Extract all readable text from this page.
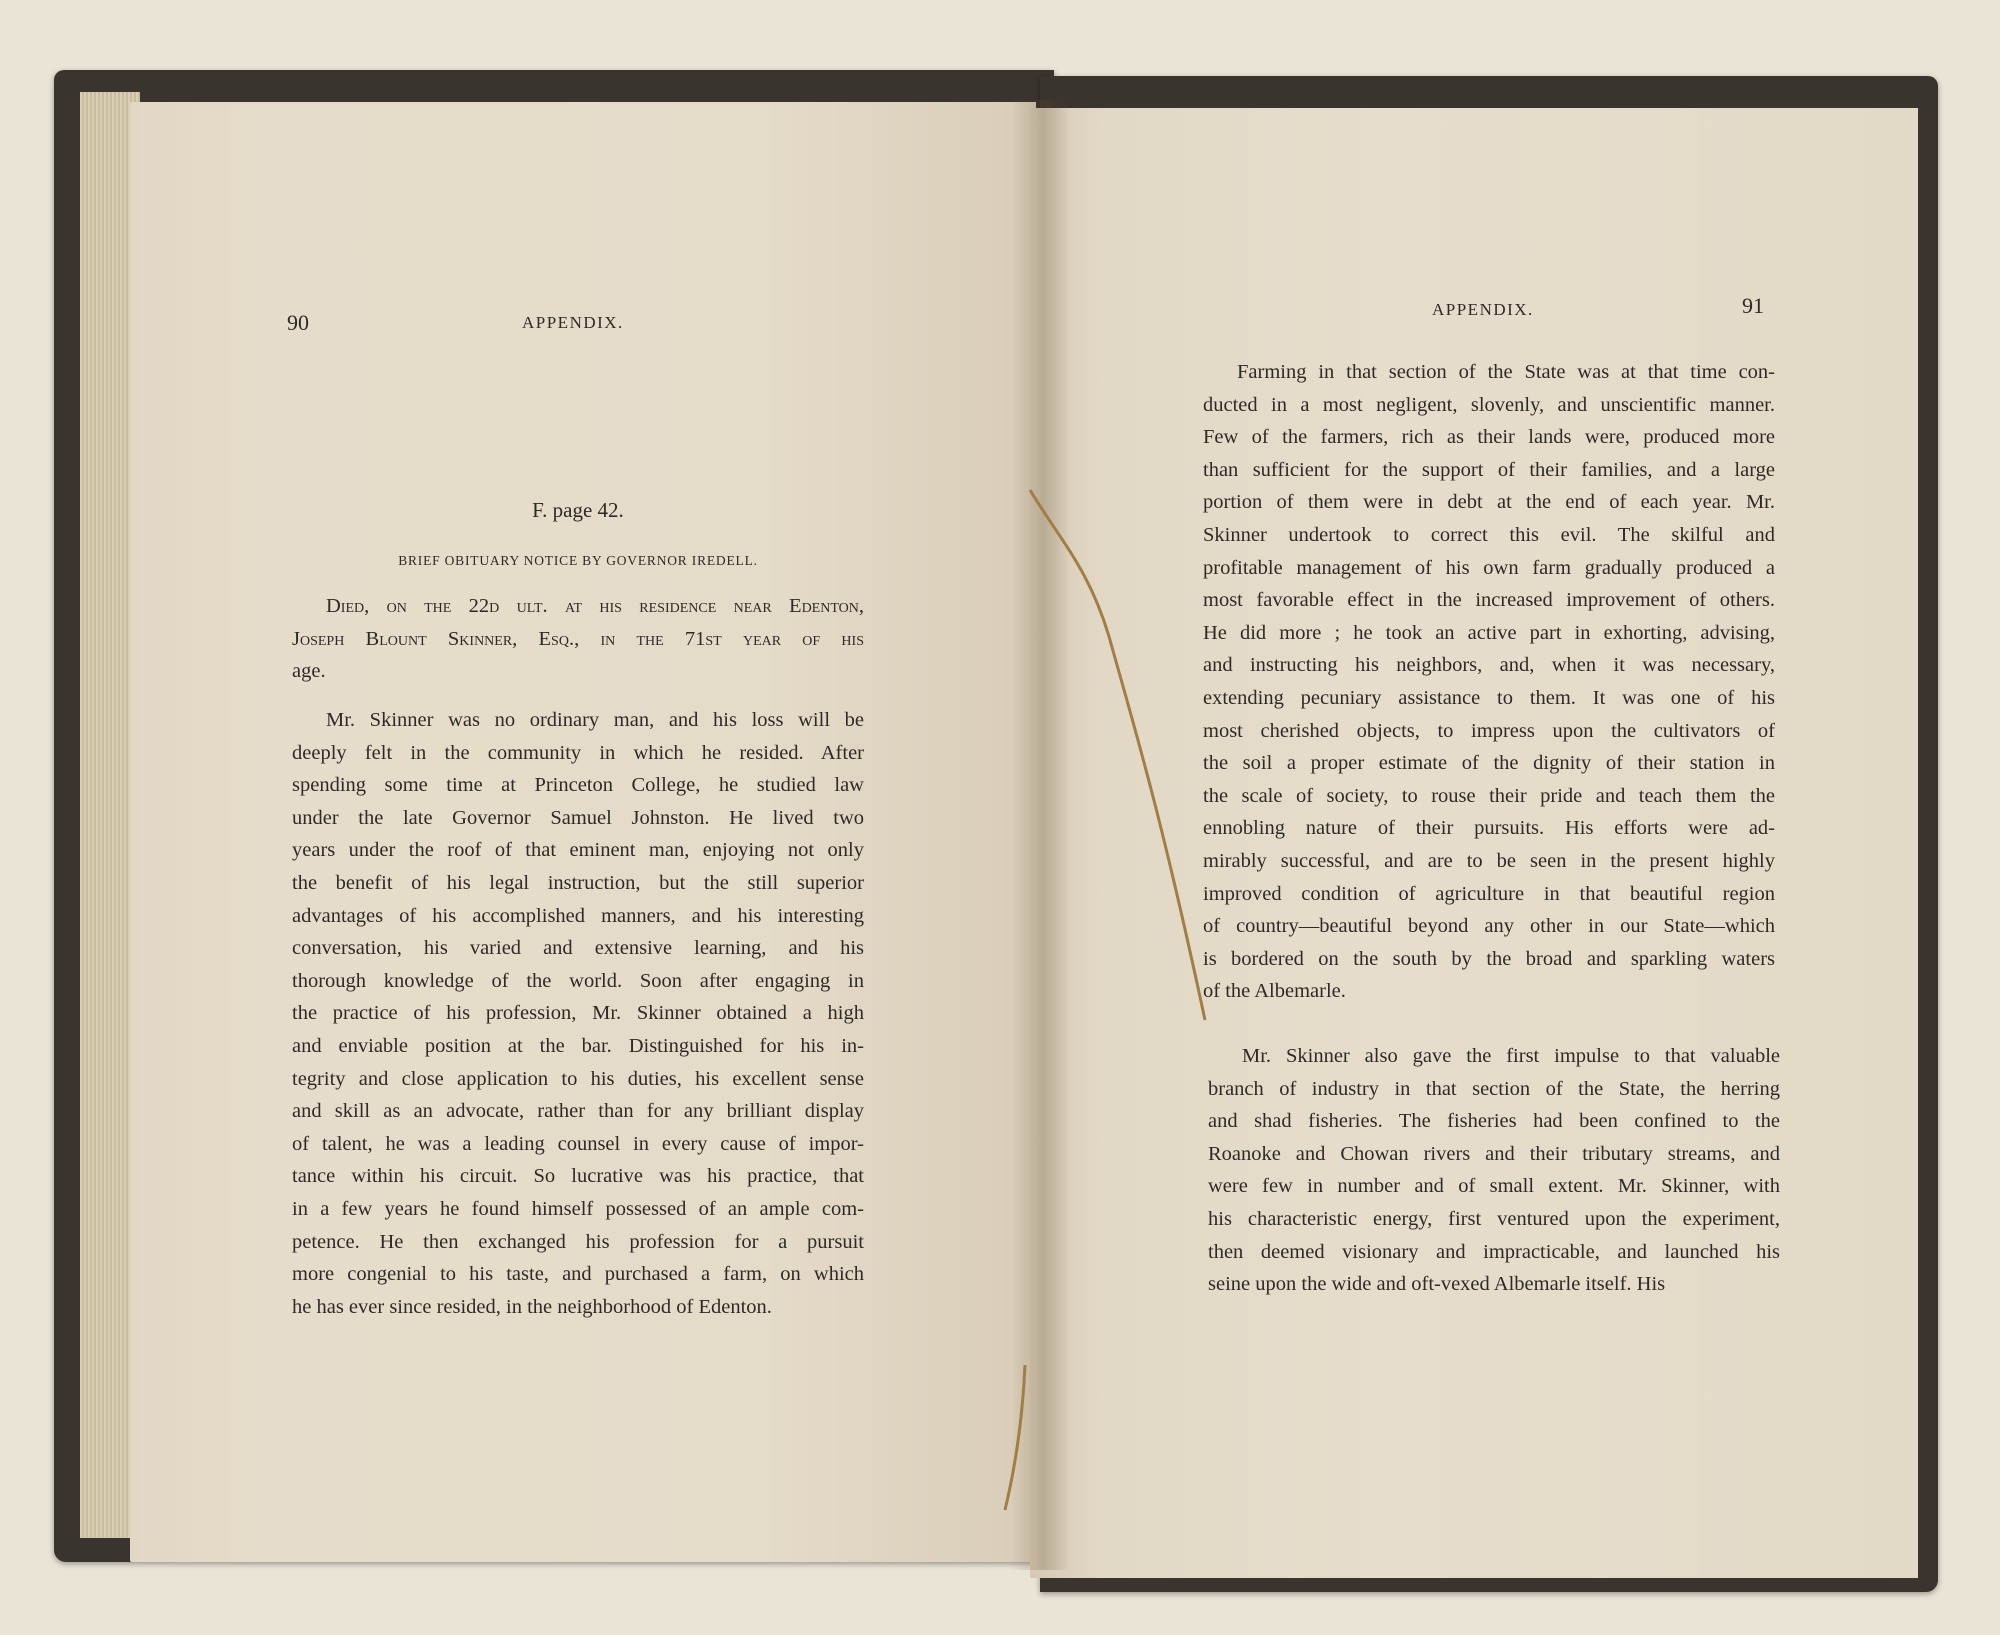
90	APPENDIX.
F. page 42.
BRIEF OBITUARY NOTICE BY GOVERNOR IREDELL.
Died, on the 22d ult. at his residence near Edenton,
Joseph Blount Skinner, Esq., in the 71st year of his
age.
Mr. Skinner was no ordinary man, and his loss will be
deeply felt in the community in which he resided. After
spending some time at Princeton College, he studied law
under the late Governor Samuel Johnston. He lived two
years under the roof of that eminent man, enjoying not only
the benefit of his legal instruction, but the still superior
advantages of his accomplished manners, and his interesting
conversation, his varied and extensive learning, and his
thorough knowledge of the world. Soon after engaging in
the practice of his profession, Mr. Skinner obtained a high
and enviable position at the bar. Distinguished for his in-
tegrity and close application to his duties, his excellent sense
and skill as an advocate, rather than for any brilliant display
of talent, he was a leading counsel in every cause of impor-
tance within his circuit. So lucrative was his practice, that
in a few years he found himself possessed of an ample com-
petence. He then exchanged his profession for a pursuit
more congenial to his taste, and purchased a farm, on which
he has ever since resided, in the neighborhood of Edenton.
APPENDIX.	91
Farming in that section of the State was at that time con-
ducted in a most negligent, slovenly, and unscientific manner.
Few of the farmers, rich as their lands were, produced more
than sufficient for the support of their families, and a large
portion of them were in debt at the end of each year. Mr.
Skinner undertook to correct this evil. The skilful and
profitable management of his own farm gradually produced a
most favorable effect in the increased improvement of others.
He did more ; he took an active part in exhorting, advising,
and instructing his neighbors, and, when it was necessary,
extending pecuniary assistance to them. It was one of his
most cherished objects, to impress upon the cultivators of
the soil a proper estimate of the dignity of their station in
the scale of society, to rouse their pride and teach them the
ennobling nature of their pursuits. His efforts were ad-
mirably successful, and are to be seen in the present highly
improved condition of agriculture in that beautiful region
of country—beautiful beyond any other in our State—which
is bordered on the south by the broad and sparkling waters
of the Albemarle.
Mr. Skinner also gave the first impulse to that valuable
branch of industry in that section of the State, the herring
and shad fisheries. The fisheries had been confined to the
Roanoke and Chowan rivers and their tributary streams, and
were few in number and of small extent. Mr. Skinner, with
his characteristic energy, first ventured upon the experiment,
then deemed visionary and impracticable, and launched his
seine upon the wide and oft-vexed Albemarle itself. His
